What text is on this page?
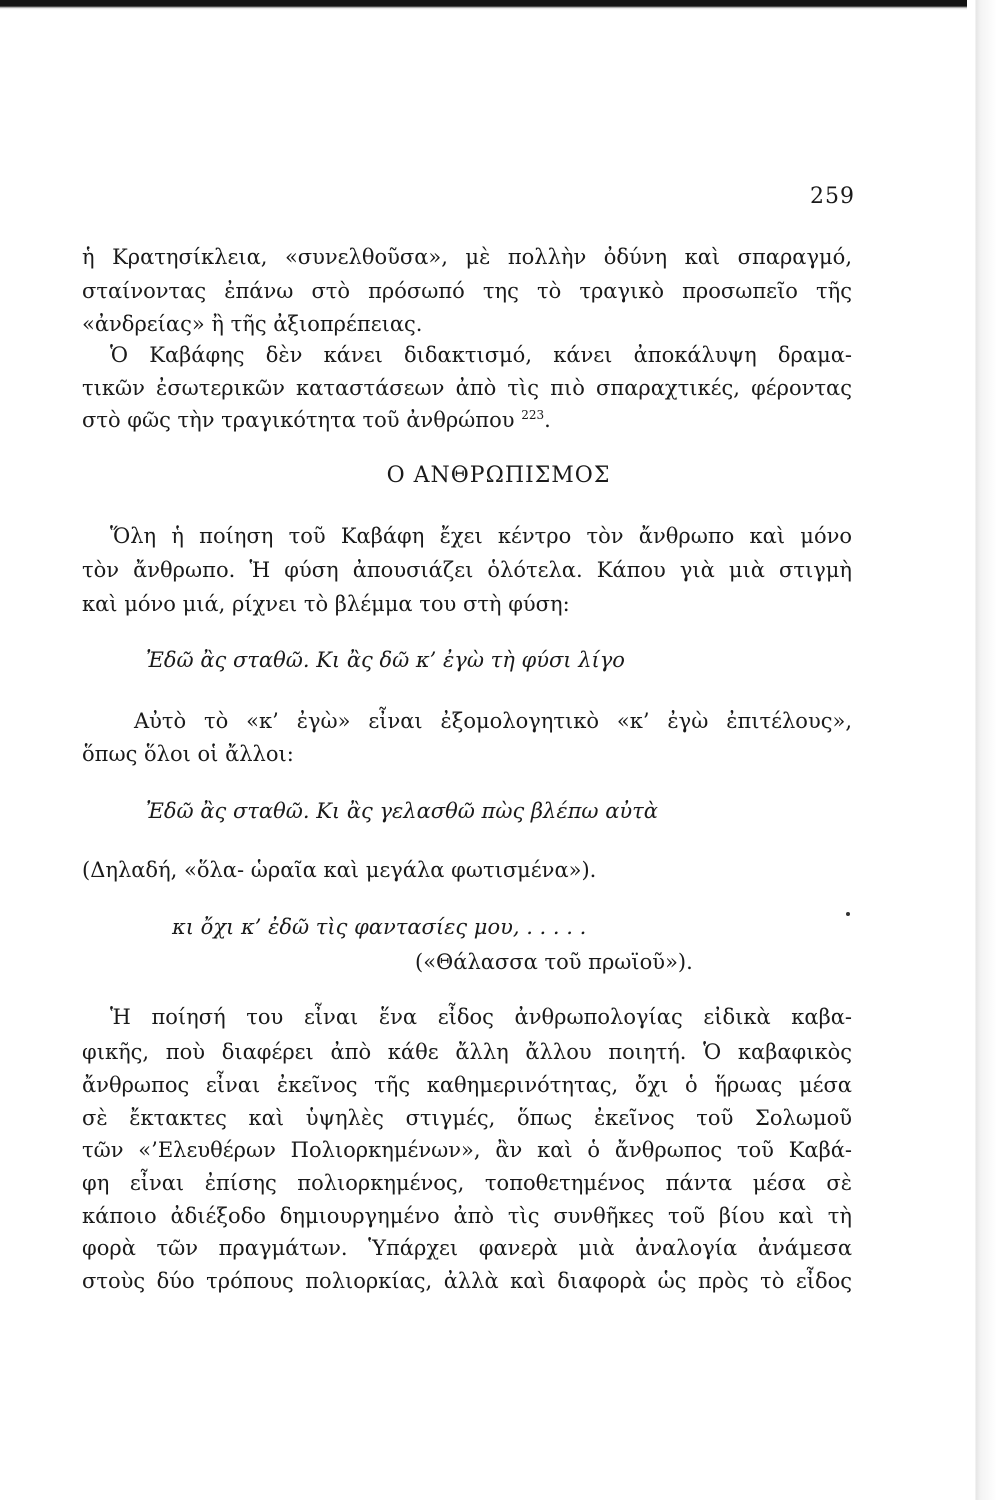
259
ἡ Κρατησίκλεια, «συνελθοῦσα», μὲ πολλὴν ὀδύνη καὶ σπαραγμό,
σταίνοντας ἐπάνω στὸ πρόσωπό της τὸ τραγικὸ προσωπεῖο τῆς
«ἀνδρείας» ἢ τῆς ἀξιοπρέπειας.
Ὁ Καβάφης δὲν κάνει διδακτισμό, κάνει ἀποκάλυψη δραμα-
τικῶν ἐσωτερικῶν καταστάσεων ἀπὸ τὶς πιὸ σπαραχτικές, φέροντας
στὸ φῶς τὴν τραγικότητα τοῦ ἀνθρώπου $^{223}$.
Ο ΑΝΘΡΩΠΙΣΜΟΣ
Ὅλη ἡ ποίηση τοῦ Καβάφη ἔχει κέντρο τὸν ἄνθρωπο καὶ μόνο
τὸν ἄνθρωπο. Ἡ φύση ἀπουσιάζει ὁλότελα. Κάπου γιὰ μιὰ στιγμὴ
καὶ μόνο μιά, ρίχνει τὸ βλέμμα του στὴ φύση:
Ἐδῶ ἂς σταθῶ. Κι ἂς δῶ κ’ ἐγὼ τὴ φύσι λίγο
Αὐτὸ τὸ «κ’ ἐγὼ» εἶναι ἐξομολογητικὸ «κ’ ἐγὼ ἐπιτέλους»,
ὅπως ὅλοι οἱ ἄλλοι:
Ἐδῶ ἂς σταθῶ. Κι ἂς γελασθῶ πὼς βλέπω αὐτὰ
(Δηλαδή, «ὅλα- ὡραῖα καὶ μεγάλα φωτισμένα»).
κι ὄχι κ’ ἐδῶ τὶς φαντασίες μου, . . . . .
(«Θάλασσα τοῦ πρωϊοῦ»).
Ἡ ποίησή του εἶναι ἕνα εἶδος ἀνθρωπολογίας εἰδικὰ καβα-
φικῆς, ποὺ διαφέρει ἀπὸ κάθε ἄλλη ἄλλου ποιητή. Ὁ καβαφικὸς
ἄνθρωπος εἶναι ἐκεῖνος τῆς καθημερινότητας, ὄχι ὁ ἥρωας μέσα
σὲ ἔκτακτες καὶ ὑψηλὲς στιγμές, ὅπως ἐκεῖνος τοῦ Σολωμοῦ
τῶν «’Ελευθέρων Πολιορκημένων», ἂν καὶ ὁ ἄνθρωπος τοῦ Καβά-
φη εἶναι ἐπίσης πολιορκημένος, τοποθετημένος πάντα μέσα σὲ
κάποιο ἀδιέξοδο δημιουργημένο ἀπὸ τὶς συνθῆκες τοῦ βίου καὶ τὴ
φορὰ τῶν πραγμάτων. Ὑπάρχει φανερὰ μιὰ ἀναλογία ἀνάμεσα
στοὺς δύο τρόπους πολιορκίας, ἀλλὰ καὶ διαφορὰ ὡς πρὸς τὸ εἶδος
